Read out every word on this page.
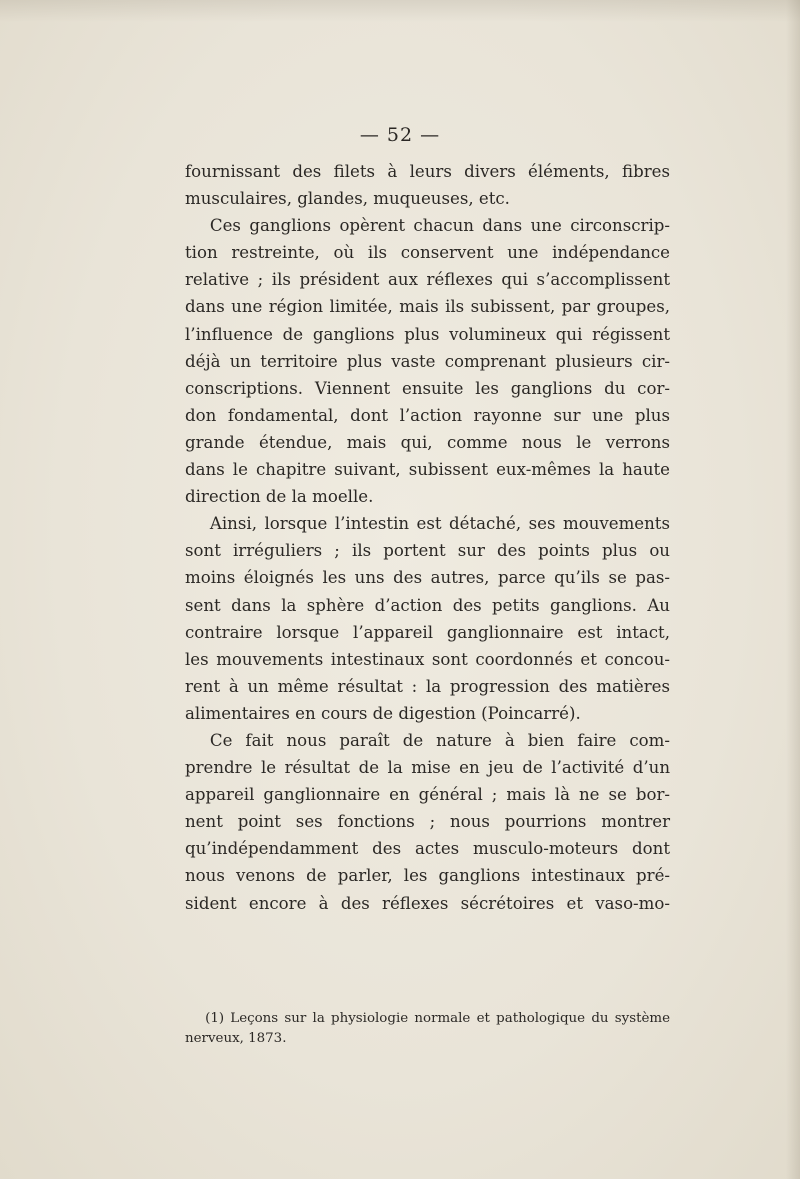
— 52 —
fournissant des filets à leurs divers éléments, fibres
musculaires, glandes, muqueuses, etc.
Ces ganglions opèrent chacun dans une circonscrip-
tion restreinte, où ils conservent une indépendance
relative ; ils président aux réflexes qui s’accomplissent
dans une région limitée, mais ils subissent, par groupes,
l’influence de ganglions plus volumineux qui régissent
déjà un territoire plus vaste comprenant plusieurs cir-
conscriptions. Viennent ensuite les ganglions du cor-
don fondamental, dont l’action rayonne sur une plus
grande étendue, mais qui, comme nous le verrons
dans le chapitre suivant, subissent eux-mêmes la haute
direction de la moelle.
Ainsi, lorsque l’intestin est détaché, ses mouvements
sont irréguliers ; ils portent sur des points plus ou
moins éloignés les uns des autres, parce qu’ils se pas-
sent dans la sphère d’action des petits ganglions. Au
contraire lorsque l’appareil ganglionnaire est intact,
les mouvements intestinaux sont coordonnés et concou-
rent à un même résultat : la progression des matières
alimentaires en cours de digestion (Poincarré).
Ce fait nous paraît de nature à bien faire com-
prendre le résultat de la mise en jeu de l’activité d’un
appareil ganglionnaire en général ; mais là ne se bor-
nent point ses fonctions ; nous pourrions montrer
qu’indépendamment des actes musculo-moteurs dont
nous venons de parler, les ganglions intestinaux pré-
sident encore à des réflexes sécrétoires et vaso-mo-
(1) Leçons sur la physiologie normale et pathologique du système
nerveux, 1873.
